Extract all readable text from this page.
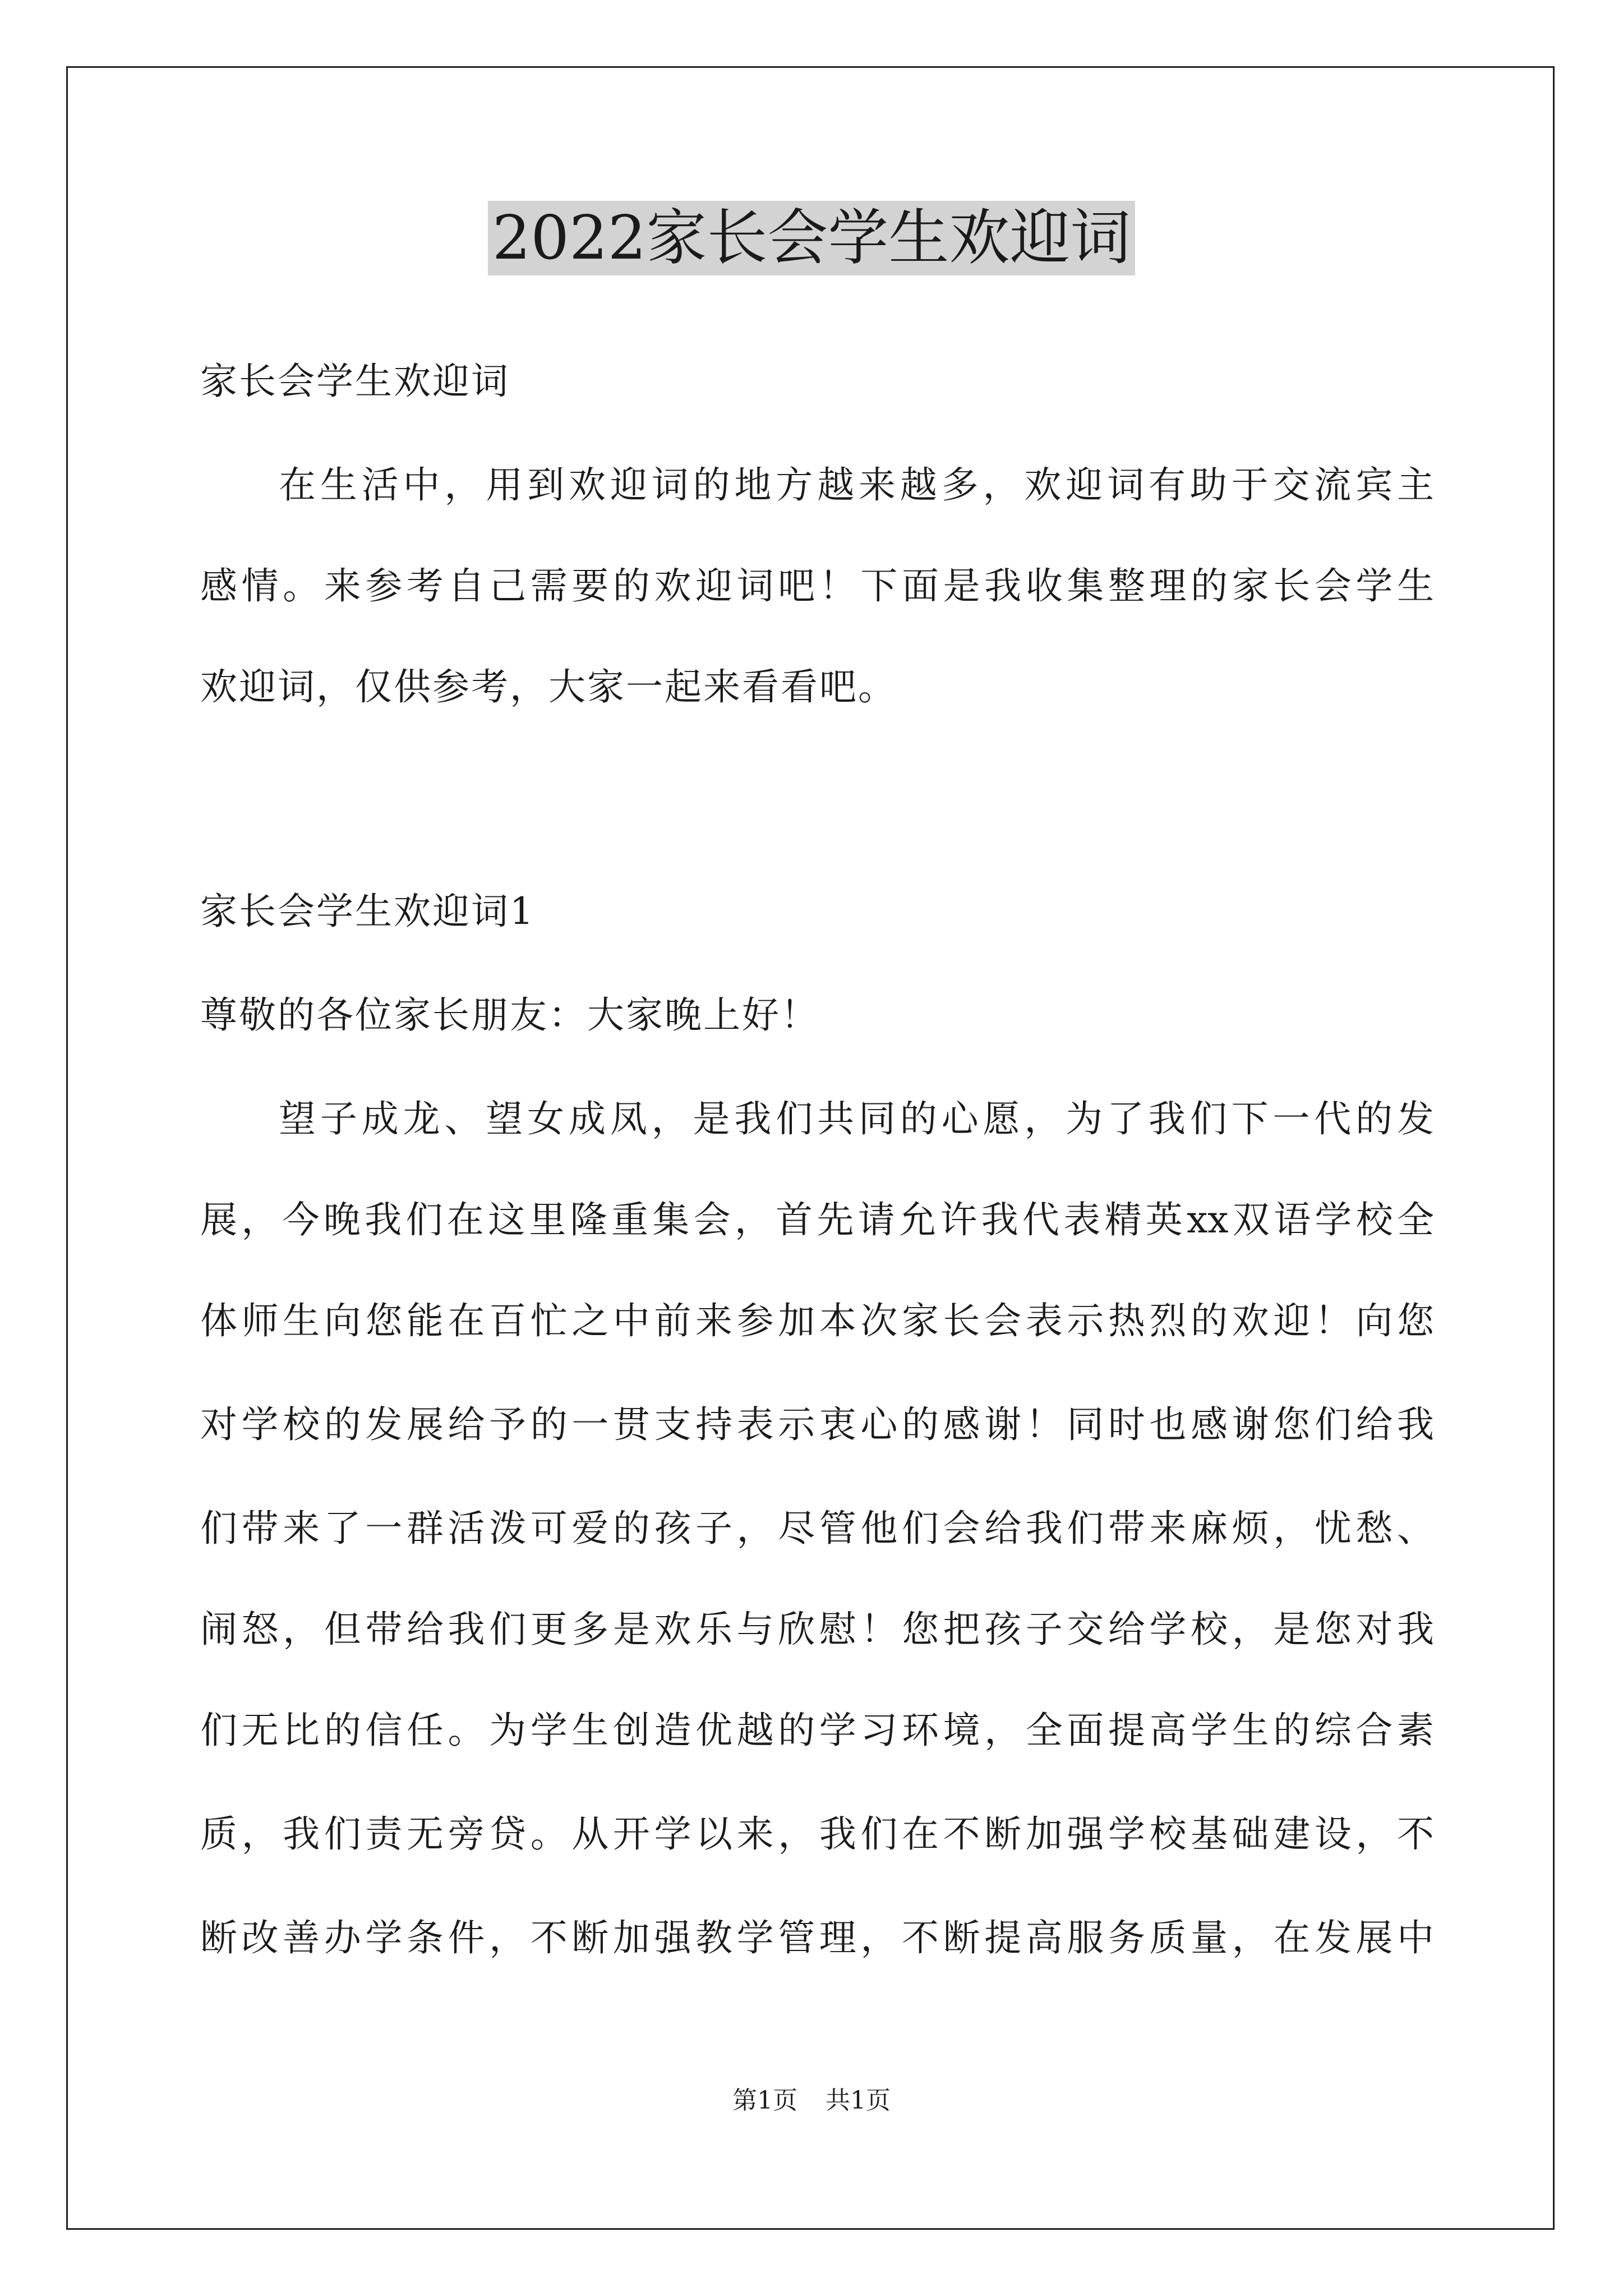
2022家长会学生欢迎词
家长会学生欢迎词
在生活中，用到欢迎词的地方越来越多，欢迎词有助于交流宾主
感情。来参考自己需要的欢迎词吧！下面是我收集整理的家长会学生
欢迎词，仅供参考，大家一起来看看吧。
家长会学生欢迎词1
尊敬的各位家长朋友：大家晚上好！
望子成龙、望女成凤，是我们共同的心愿，为了我们下一代的发
展，今晚我们在这里隆重集会，首先请允许我代表精英xx双语学校全
体师生向您能在百忙之中前来参加本次家长会表示热烈的欢迎！向您
对学校的发展给予的一贯支持表示衷心的感谢！同时也感谢您们给我
们带来了一群活泼可爱的孩子，尽管他们会给我们带来麻烦，忧愁、
闹怒，但带给我们更多是欢乐与欣慰！您把孩子交给学校，是您对我
们无比的信任。为学生创造优越的学习环境，全面提高学生的综合素
质，我们责无旁贷。从开学以来，我们在不断加强学校基础建设，不
断改善办学条件，不断加强教学管理，不断提高服务质量，在发展中
第1页 共1页
